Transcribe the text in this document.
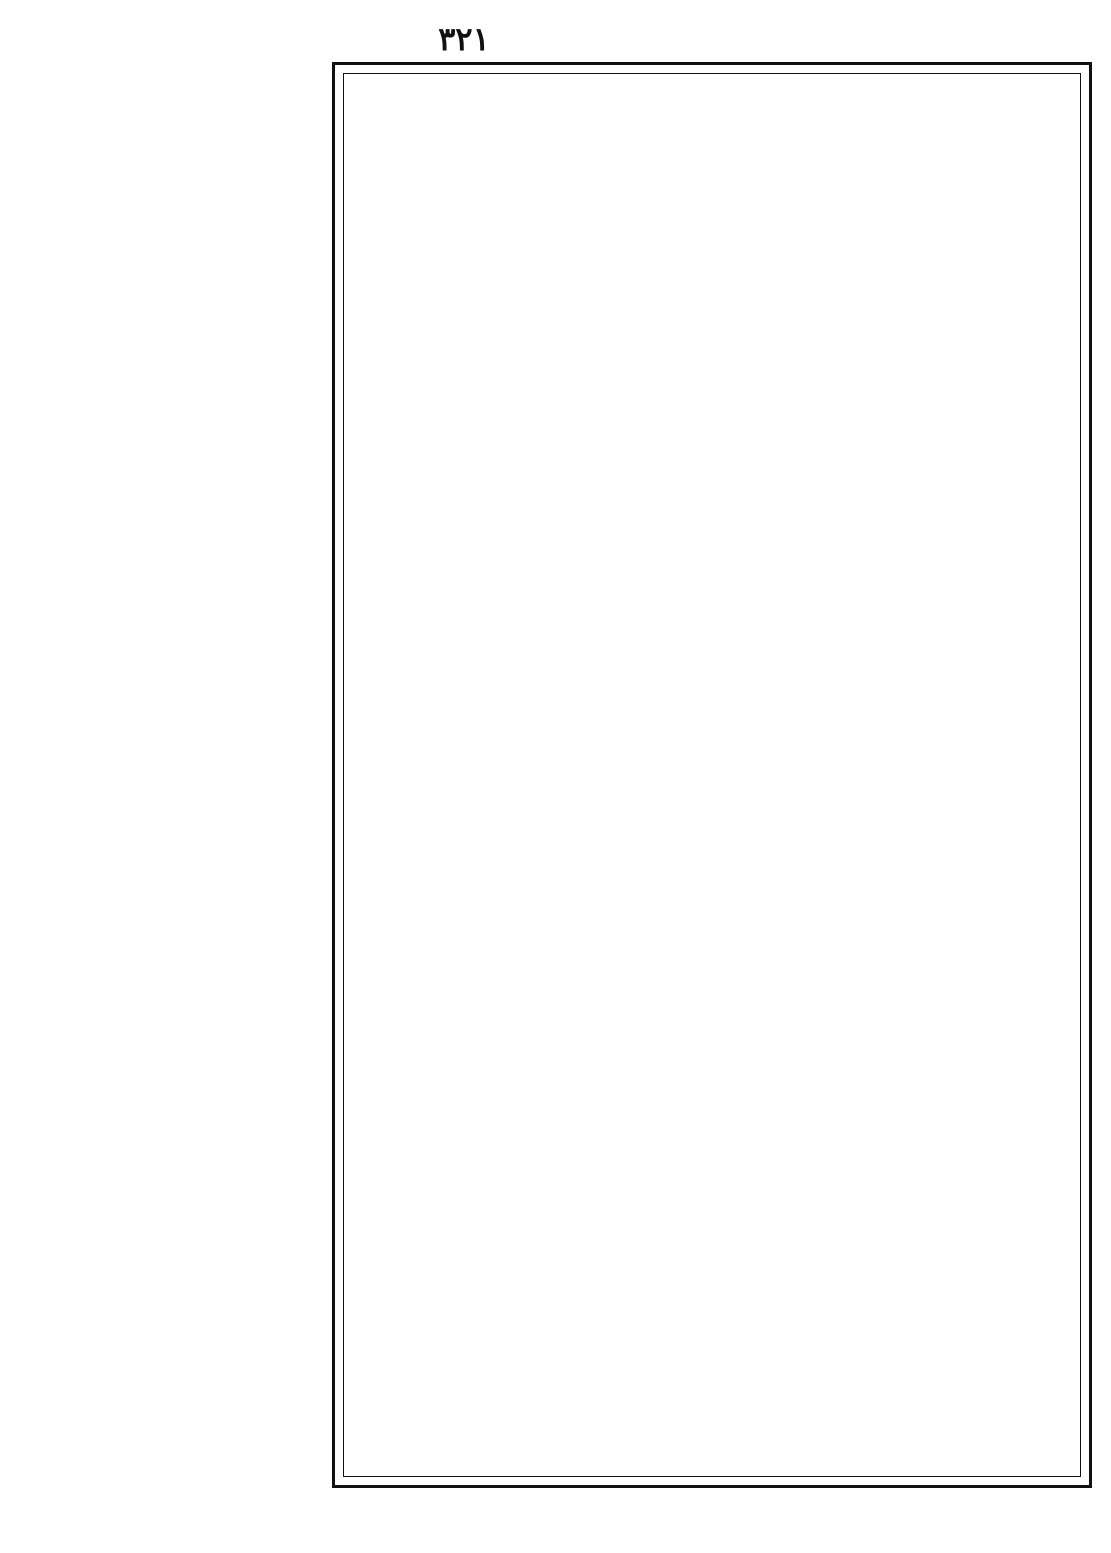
٣٢١
